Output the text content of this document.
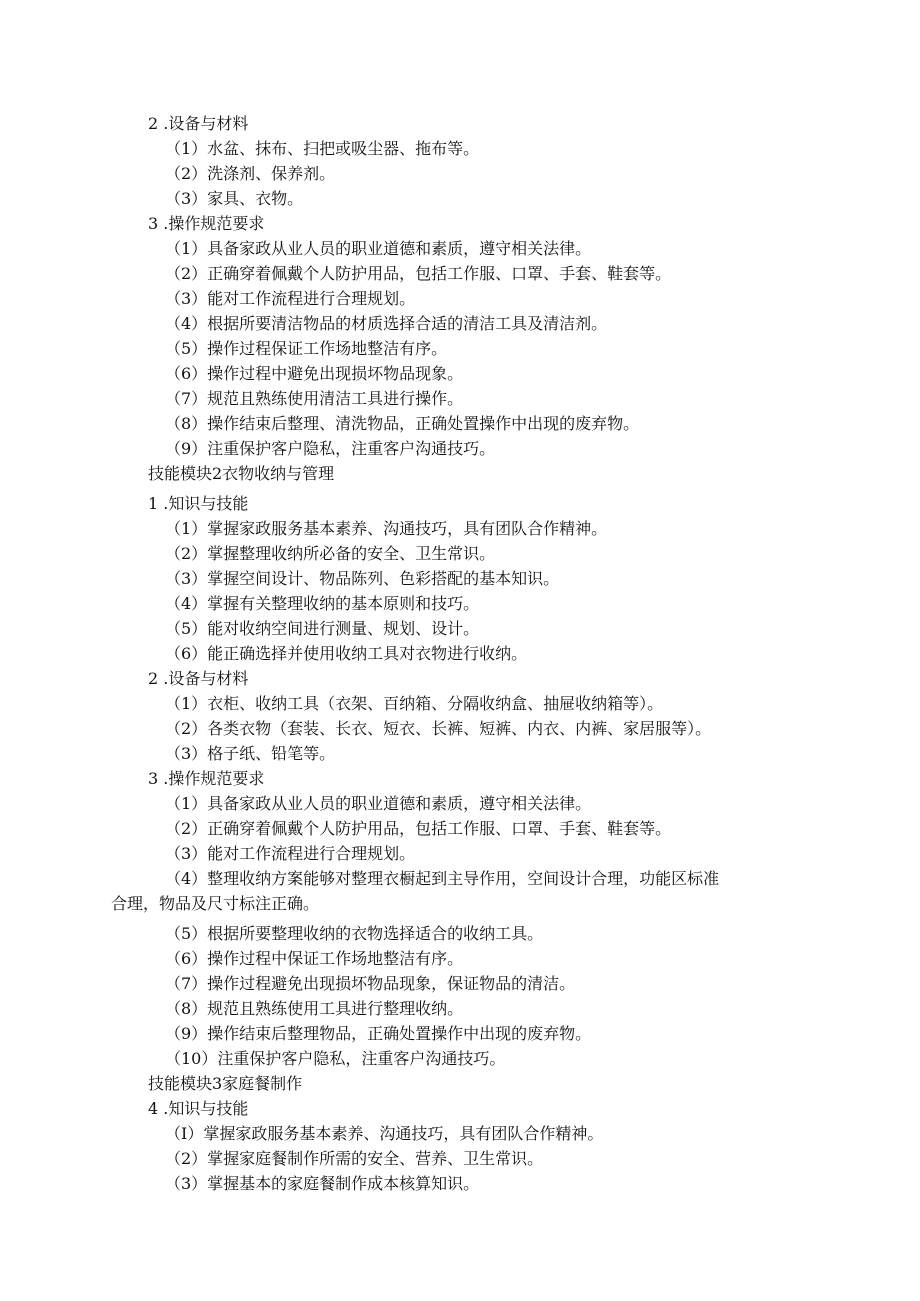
2 .设备与材料
（1）水盆、抹布、扫把或吸尘器、拖布等。
（2）洗涤剂、保养剂。
（3）家具、衣物。
3 .操作规范要求
（1）具备家政从业人员的职业道德和素质，遵守相关法律。
（2）正确穿着佩戴个人防护用品，包括工作服、口罩、手套、鞋套等。
（3）能对工作流程进行合理规划。
（4）根据所要清洁物品的材质选择合适的清洁工具及清洁剂。
（5）操作过程保证工作场地整洁有序。
（6）操作过程中避免出现损坏物品现象。
（7）规范且熟练使用清洁工具进行操作。
（8）操作结束后整理、清洗物品，正确处置操作中出现的废弃物。
（9）注重保护客户隐私，注重客户沟通技巧。
技能模块2衣物收纳与管理
1 .知识与技能
（1）掌握家政服务基本素养、沟通技巧，具有团队合作精神。
（2）掌握整理收纳所必备的安全、卫生常识。
（3）掌握空间设计、物品陈列、色彩搭配的基本知识。
（4）掌握有关整理收纳的基本原则和技巧。
（5）能对收纳空间进行测量、规划、设计。
（6）能正确选择并使用收纳工具对衣物进行收纳。
2 .设备与材料
（1）衣柜、收纳工具（衣架、百纳箱、分隔收纳盒、抽屉收纳箱等）。
（2）各类衣物（套装、长衣、短衣、长裤、短裤、内衣、内裤、家居服等）。
（3）格子纸、铅笔等。
3 .操作规范要求
（1）具备家政从业人员的职业道德和素质，遵守相关法律。
（2）正确穿着佩戴个人防护用品，包括工作服、口罩、手套、鞋套等。
（3）能对工作流程进行合理规划。
（4）整理收纳方案能够对整理衣橱起到主导作用，空间设计合理，功能区标准
合理，物品及尺寸标注正确。
（5）根据所要整理收纳的衣物选择适合的收纳工具。
（6）操作过程中保证工作场地整洁有序。
（7）操作过程避免出现损坏物品现象，保证物品的清洁。
（8）规范且熟练使用工具进行整理收纳。
（9）操作结束后整理物品，正确处置操作中出现的废弃物。
（10）注重保护客户隐私，注重客户沟通技巧。
技能模块3家庭餐制作
4 .知识与技能
（I）掌握家政服务基本素养、沟通技巧，具有团队合作精神。
（2）掌握家庭餐制作所需的安全、营养、卫生常识。
（3）掌握基本的家庭餐制作成本核算知识。
